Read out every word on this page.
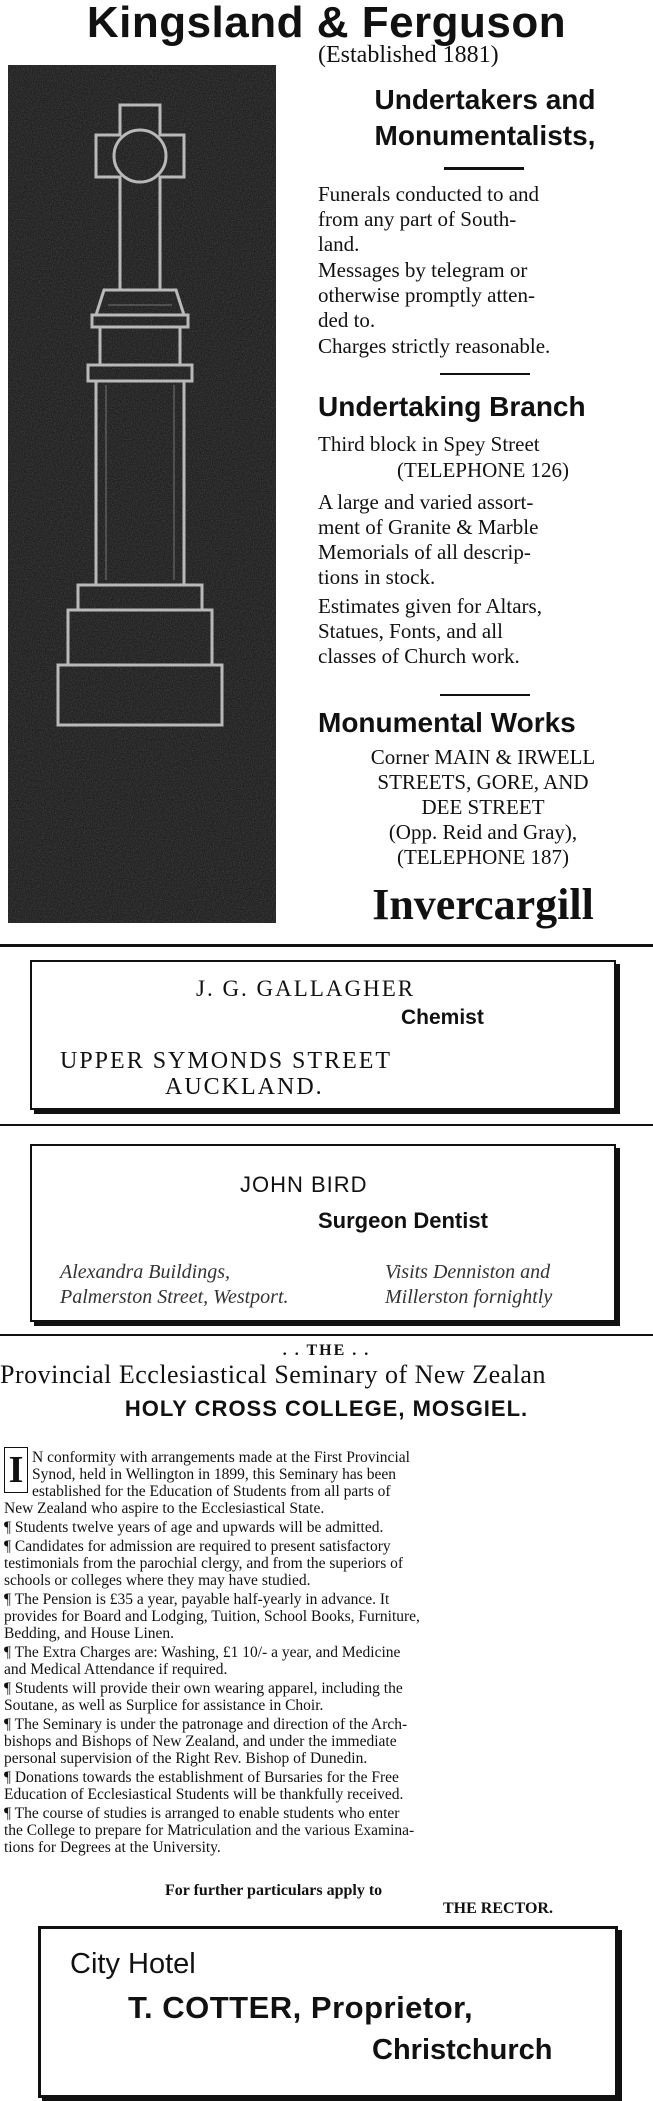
Kingsland & Ferguson
(Established 1881)
Undertakers and
Monumentalists,
Funerals conducted to and
from any part of South-
land.
Messages by telegram or
otherwise promptly atten-
ded to.
Charges strictly reasonable.
Undertaking Branch
Third block in Spey Street
(TELEPHONE 126)
A large and varied assort-
ment of Granite & Marble
Memorials of all descrip-
tions in stock.
Estimates given for Altars,
Statues, Fonts, and all
classes of Church work.
Monumental Works
Corner MAIN & IRWELL
STREETS, GORE, AND
DEE STREET
(Opp. Reid and Gray),
(TELEPHONE 187)
Invercargill
J. G. GALLAGHER
Chemist
UPPER SYMONDS STREET
AUCKLAND.
JOHN BIRD
Surgeon Dentist
Alexandra Buildings,
Palmerston Street, Westport.
Visits Denniston and
Millerston fornightly
. . THE . .
Provincial Ecclesiastical Seminary of New Zealan
HOLY CROSS COLLEGE, MOSGIEL.
I N conformity with arrangements made at the First Provincial
Synod, held in Wellington in 1899, this Seminary has been
established for the Education of Students from all parts of
New Zealand who aspire to the Ecclesiastical State.
¶ Students twelve years of age and upwards will be admitted.
¶ Candidates for admission are required to present satisfactory
testimonials from the parochial clergy, and from the superiors of
schools or colleges where they may have studied.
¶ The Pension is £35 a year, payable half-yearly in advance. It
provides for Board and Lodging, Tuition, School Books, Furniture,
Bedding, and House Linen.
¶ The Extra Charges are: Washing, £1 10/- a year, and Medicine
and Medical Attendance if required.
¶ Students will provide their own wearing apparel, including the
Soutane, as well as Surplice for assistance in Choir.
¶ The Seminary is under the patronage and direction of the Arch-
bishops and Bishops of New Zealand, and under the immediate
personal supervision of the Right Rev. Bishop of Dunedin.
¶ Donations towards the establishment of Bursaries for the Free
Education of Ecclesiastical Students will be thankfully received.
¶ The course of studies is arranged to enable students who enter
the College to prepare for Matriculation and the various Examina-
tions for Degrees at the University.
For further particulars apply to
THE RECTOR.
City Hotel
T. COTTER, Proprietor,
Christchurch
